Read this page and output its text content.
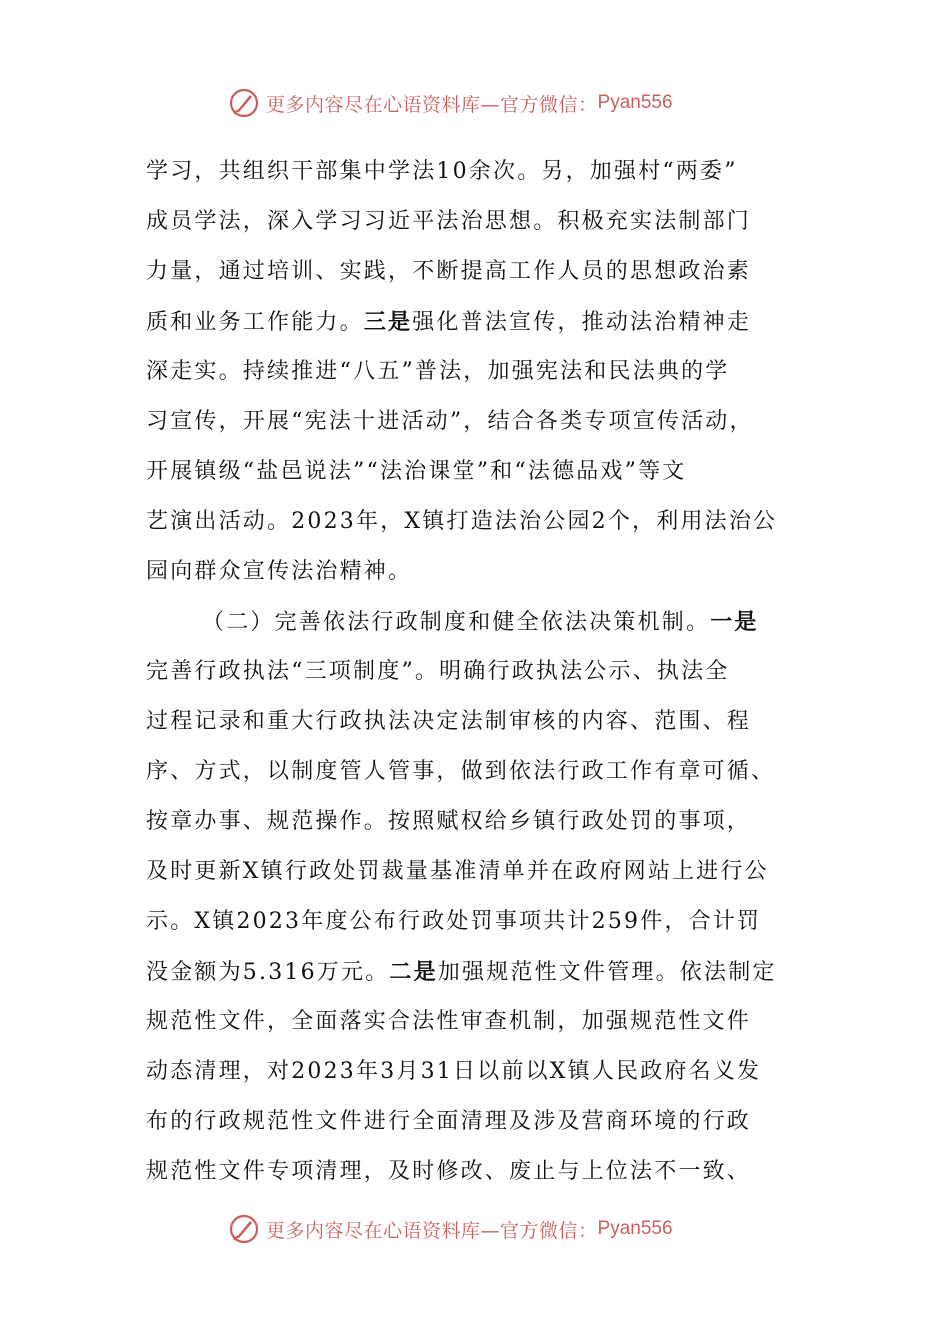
更多内容尽在心语资料库—官方微信： Pyan556
学习，共组织干部集中学法10余次。另，加强村“两委”
成员学法，深入学习习近平法治思想。积极充实法制部门
力量，通过培训、实践，不断提高工作人员的思想政治素
质和业务工作能力。三是强化普法宣传，推动法治精神走
深走实。持续推进“八五”普法，加强宪法和民法典的学
习宣传，开展“宪法十进活动”，结合各类专项宣传活动，
开展镇级“盐邑说法”“法治课堂”和“法德品戏”等文
艺演出活动。2023年，X镇打造法治公园2个，利用法治公
园向群众宣传法治精神。
（二）完善依法行政制度和健全依法决策机制。一是
完善行政执法“三项制度”。明确行政执法公示、执法全
过程记录和重大行政执法决定法制审核的内容、范围、程
序、方式，以制度管人管事，做到依法行政工作有章可循、
按章办事、规范操作。按照赋权给乡镇行政处罚的事项，
及时更新X镇行政处罚裁量基准清单并在政府网站上进行公
示。X镇2023年度公布行政处罚事项共计259件，合计罚
没金额为5.316万元。二是加强规范性文件管理。依法制定
规范性文件，全面落实合法性审查机制，加强规范性文件
动态清理，对2023年3月31日以前以X镇人民政府名义发
布的行政规范性文件进行全面清理及涉及营商环境的行政
规范性文件专项清理，及时修改、废止与上位法不一致、
更多内容尽在心语资料库—官方微信： Pyan556
